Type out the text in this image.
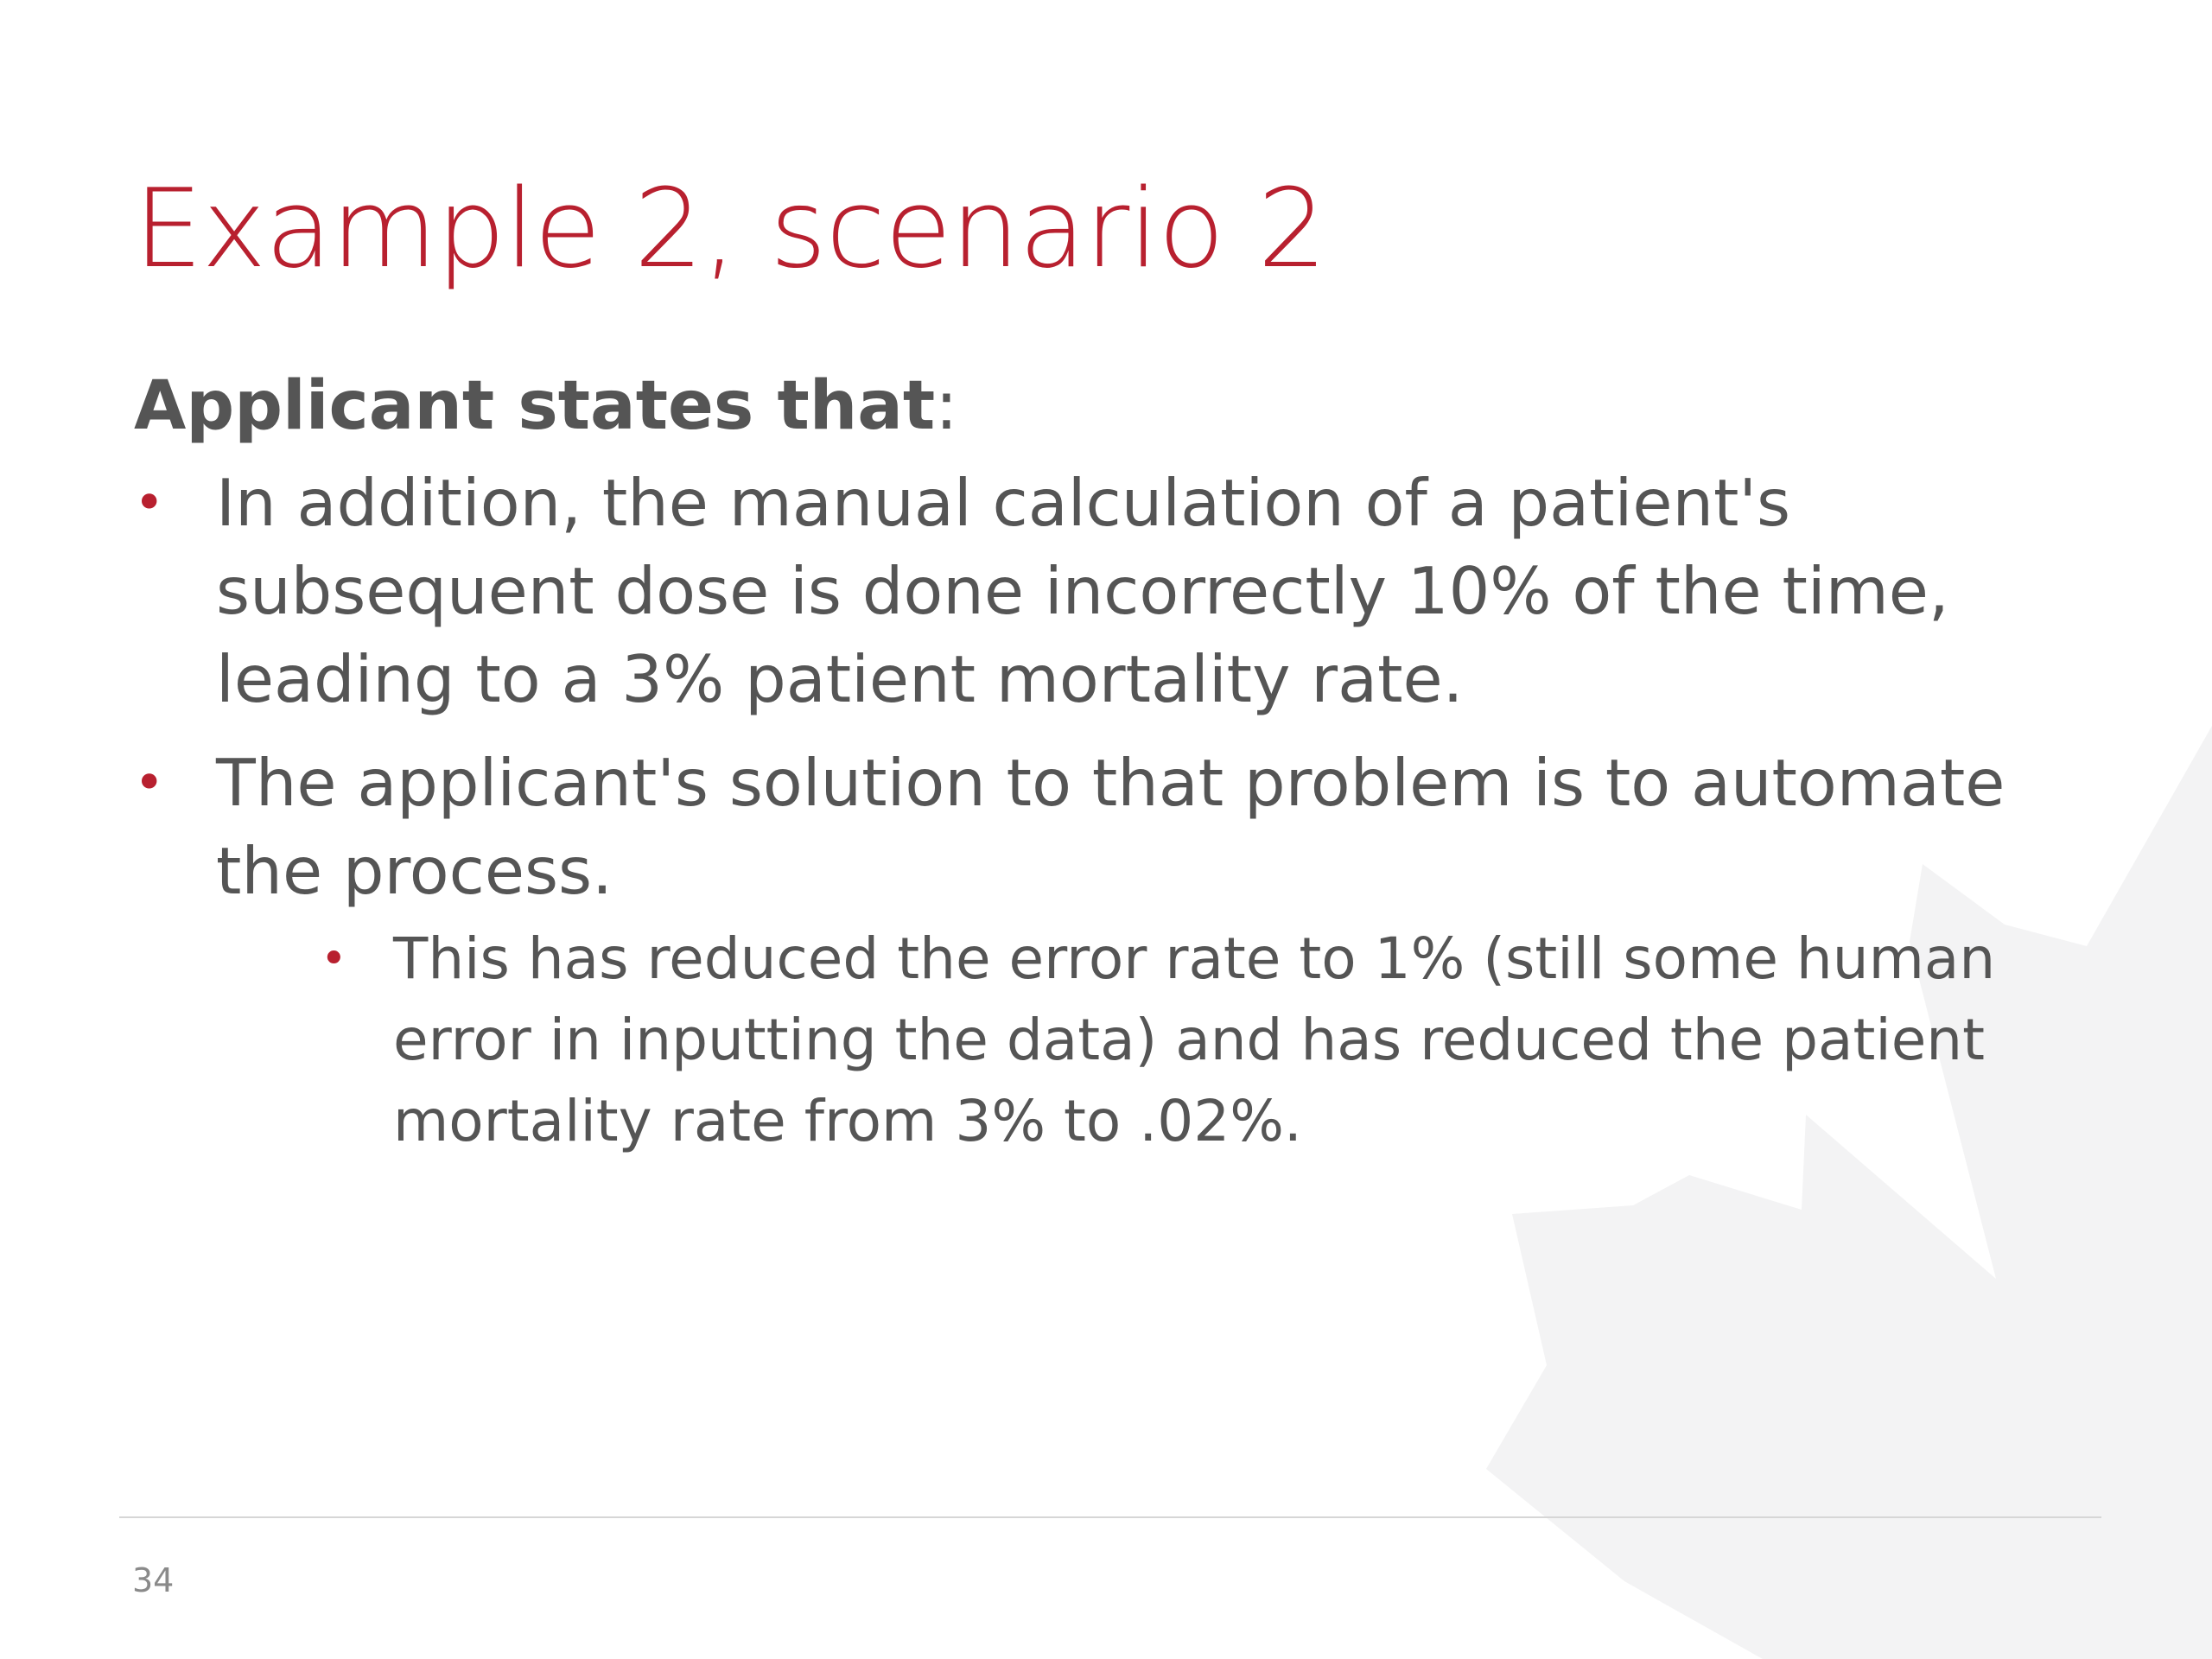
Example 2, scenario 2

Applicant states that:

• In addition, the manual calculation of a patient's subsequent dose is done incorrectly 10% of the time, leading to a 3% patient mortality rate.
• The applicant's solution to that problem is to automate the process.
• This has reduced the error rate to 1% (still some human error in inputting the data) and has reduced the patient mortality rate from 3% to .02%.
34
